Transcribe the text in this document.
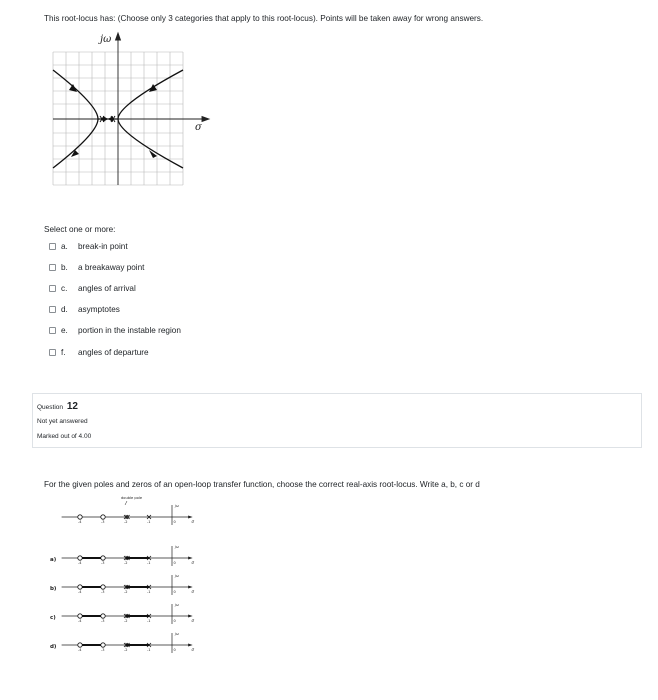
This root-locus has: (Choose only 3 categories that apply to this root-locus). Points will be taken away for wrong answers.
jω
σ
Select one or more:
a.	break-in point
b.	a breakaway point
c.	angles of arrival
d.	asymptotes
e.	portion in the instable region
f.	angles of departure
Question 12
Not yet answered
Marked out of 4.00
For the given poles and zeros of an open-loop transfer function, choose the correct real-axis root-locus. Write a, b, c or d
double pole
jω
σ
0
-4	-3	-2	-1
a)
jω
σ
0
-4	-3	-2	-1
b)
jω
σ
0
-4	-3	-2	-1
c)
jω
σ
0
-4	-3	-2	-1
d)
jω
σ
0
-4	-3	-2	-1
